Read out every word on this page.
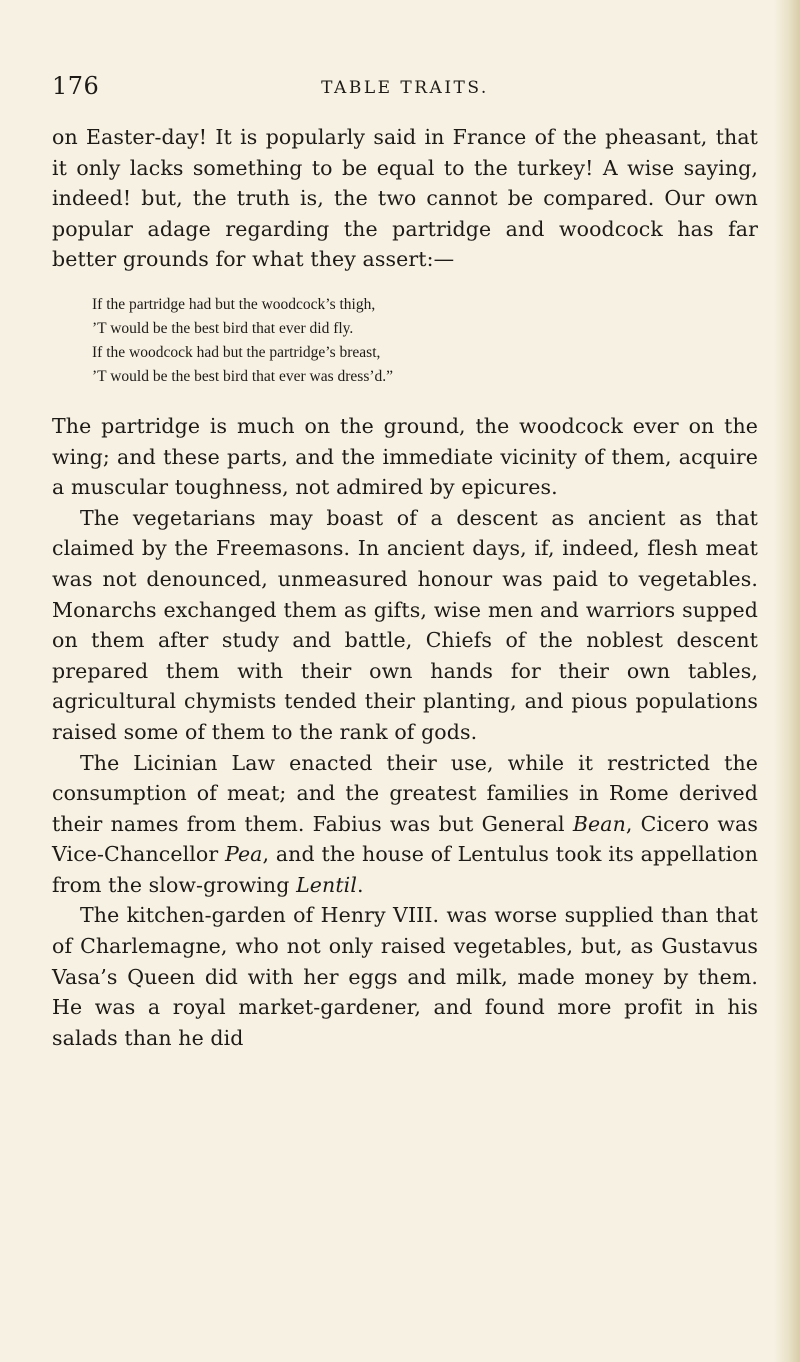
176	TABLE TRAITS.

on Easter-day! It is popularly said in France of the pheasant, that it only lacks something to be equal to the turkey! A wise saying, indeed! but, the truth is, the two cannot be compared. Our own popular adage regarding the partridge and woodcock has far better grounds for what they assert:—

If the partridge had but the woodcock’s thigh,
’T would be the best bird that ever did fly.
If the woodcock had but the partridge’s breast,
’T would be the best bird that ever was dress’d.”

The partridge is much on the ground, the woodcock ever on the wing; and these parts, and the immediate vicinity of them, acquire a muscular toughness, not admired by epicures.

The vegetarians may boast of a descent as ancient as that claimed by the Freemasons. In ancient days, if, indeed, flesh meat was not denounced, unmeasured honour was paid to vegetables. Monarchs exchanged them as gifts, wise men and warriors supped on them after study and battle, Chiefs of the noblest descent prepared them with their own hands for their own tables, agricultural chymists tended their planting, and pious populations raised some of them to the rank of gods.

The Licinian Law enacted their use, while it restricted the consumption of meat; and the greatest families in Rome derived their names from them. Fabius was but General Bean, Cicero was Vice-Chancellor Pea, and the house of Lentulus took its appellation from the slow-growing Lentil.

The kitchen-garden of Henry VIII. was worse supplied than that of Charlemagne, who not only raised vegetables, but, as Gustavus Vasa’s Queen did with her eggs and milk, made money by them. He was a royal market-gardener, and found more profit in his salads than he did
